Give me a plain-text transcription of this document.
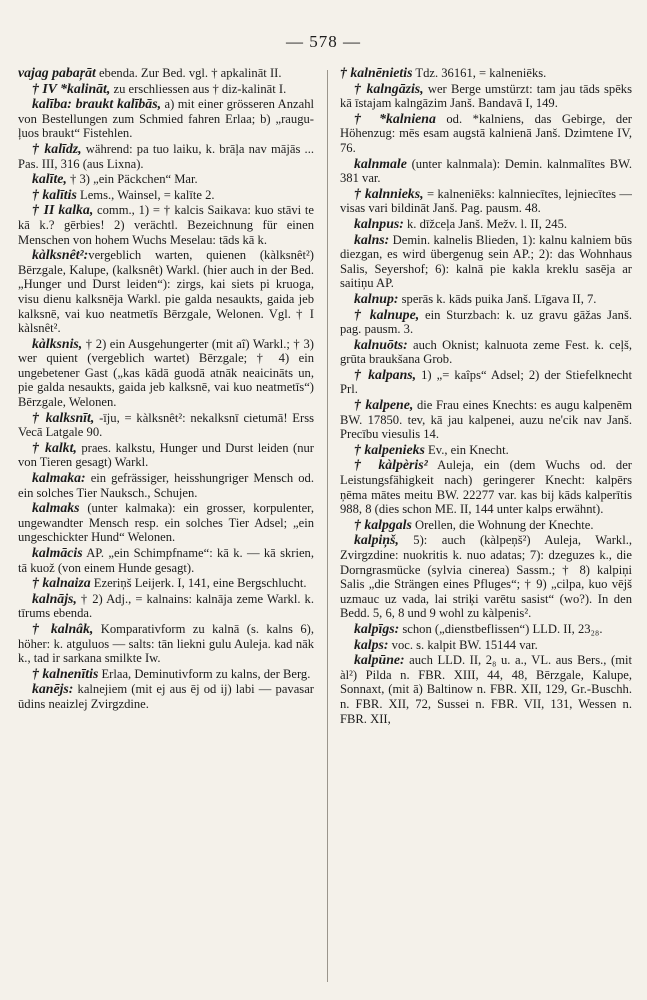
— 578 —

vajag pabaŗāt ebenda. Zur Bed. vgl. † apkalināt II.

† IV *kalināt, zu erschliessen aus † diz-kalināt I.

kalība: braukt kalībās, a) mit einer grösseren Anzahl von Bestellungen zum Schmied fahren Erlaa; b) „raugu-ļuos braukt“ Fistehlen.

† kalīdz, während: pa tuo laiku, k. brāļa nav mājās ... Pas. III, 316 (aus Lixna).

kalīte, † 3) „ein Päckchen“ Mar.

† kalītis Lems., Wainsel, = kalīte 2.

† II kalka, comm., 1) = † kalcis Saikava: kuo stāvi te kā k.? gērbies! 2) verächtl. Bezeichnung für einen Menschen von hohem Wuchs Meselau: tāds kā k.

kàlksnêt²:vergeblich warten, quienen (kàlksnêt²) Bērzgale, Kalupe, (kalksnêt) Warkl. (hier auch in der Bed. „Hunger und Durst leiden“): zirgs, kai siets pi kruoga, visu dienu kalksnēja Warkl. pie galda nesaukts, gaida jeb kalksnē, vai kuo neatmetīs Bērzgale, Welonen. Vgl. † I kàlsnêt².

kàlksnis, † 2) ein Ausgehungerter (mit aî) Warkl.; † 3) wer quient (vergeblich wartet) Bērzgale; † 4) ein ungebetener Gast („kas kādā guodā atnāk neaicināts un, pie galda nesaukts, gaida jeb kalksnē, vai kuo neatmetīs“) Bērzgale, Welonen.

† kalksnīt, -īju, = kàlksnêt²: nekalksnī cietumā! Erss Vecā Latgale 90.

† kalkt, praes. kalkstu, Hunger und Durst leiden (nur von Tieren gesagt) Warkl.

kalmaka: ein gefrässiger, heisshungriger Mensch od. ein solches Tier Nauksch., Schujen.

kalmaks (unter kalmaka): ein grosser, korpulenter, ungewandter Mensch resp. ein solches Tier Adsel; „ein ungeschickter Hund“ Welonen.

kalmācis AP. „ein Schimpfname“: kā k. — kā skrien, tā kuož (von einem Hunde gesagt).

† kalnaiza Ezeriņš Leijerk. I, 141, eine Bergschlucht.

kalnājs, † 2) Adj., = kalnains: kalnāja zeme Warkl. k. tīrums ebenda.

† kalnâk, Komparativform zu kalnā (s. kalns 6), höher: k. atguluos — salts: tān liekni gulu Auleja. kad nāk k., tad ir sarkana smilkte Iw.

† kalnenītis Erlaa, Deminutivform zu kalns, der Berg.

kanējs: kalnejiem (mit ej aus ēj od ij) labi — pavasar ūdins neaizlej Zvirgzdine.

† kalnēnietis Tdz. 36161, = kalneniēks.

† kalngāzis, wer Berge umstürzt: tam jau tāds spēks kā īstajam kalngāzim Janš. Bandavā I, 149.

† *kalniena od. *kalniens, das Gebirge, der Höhenzug: mēs esam augstā kalnienā Janš. Dzimtene IV, 76.

kalnmale (unter kalnmala): Demin. kalnmalītes BW. 381 var.

† kalnnieks, = kalneniēks: kalnniecītes, lejniecītes — visas vari bildināt Janš. Pag. pausm. 48.

kalnpus: k. dīžceļa Janš. Mežv. l. II, 245.

kalns: Demin. kalnelis Blieden, 1): kalnu kalniem būs diezgan, es wird übergenug sein AP.; 2): das Wohnhaus Salis, Seyershof; 6): kalnā pie kakla kreklu sasēja ar saitiņu AP.

kalnup: sperās k. kāds puika Janš. Līgava II, 7.

† kalnupe, ein Sturzbach: k. uz gravu gāžas Janš. pag. pausm. 3.

kalnuōts: auch Oknist; kalnuota zeme Fest. k. ceļš, grūta braukšana Grob.

† kalpans, 1) „= kaîps“ Adsel; 2) der Stiefelknecht Prl.

† kalpene, die Frau eines Knechts: es augu kalpenēm BW. 17850. tev, kā jau kalpenei, auzu ne'cik nav Janš. Precību viesulis 14.

† kalpenieks Ev., ein Knecht.

† kàlpèris² Auleja, ein (dem Wuchs od. der Leistungsfähigkeit nach) geringerer Knecht: kalpērs ņēma mātes meitu BW. 22277 var. kas bij kāds kalperītis 988, 8 (dies schon ME. II, 144 unter kalps erwähnt).

† kalpgals Orellen, die Wohnung der Knechte.

kalpiņš, 5): auch (kàlpeņš²) Auleja, Warkl., Zvirgzdine: nuokritis k. nuo adatas; 7): dzeguzes k., die Dorngrasmücke (sylvia cinerea) Sassm.; † 8) kalpiņi Salis „die Strängen eines Pfluges“; † 9) „cilpa, kuo vējš uzmauc uz vada, lai striķi varētu sasist“ (wo?). In den Bedd. 5, 6, 8 und 9 wohl zu kàlpenis².

kalpīgs: schon („dienstbeflissen“) LLD. II, 23₂₈.

kalps: voc. s. kalpit BW. 15144 var.

kalpūne: auch LLD. II, 2₈ u. a., VL. aus Bers., (mit àl²) Pilda n. FBR. XIII, 44, 48, Bērzgale, Kalupe, Sonnaxt, (mit ā) Baltinow n. FBR. XII, 129, Gr.-Buschh. n. FBR. XII, 72, Sussei n. FBR. VII, 131, Wessen n. FBR. XII,
